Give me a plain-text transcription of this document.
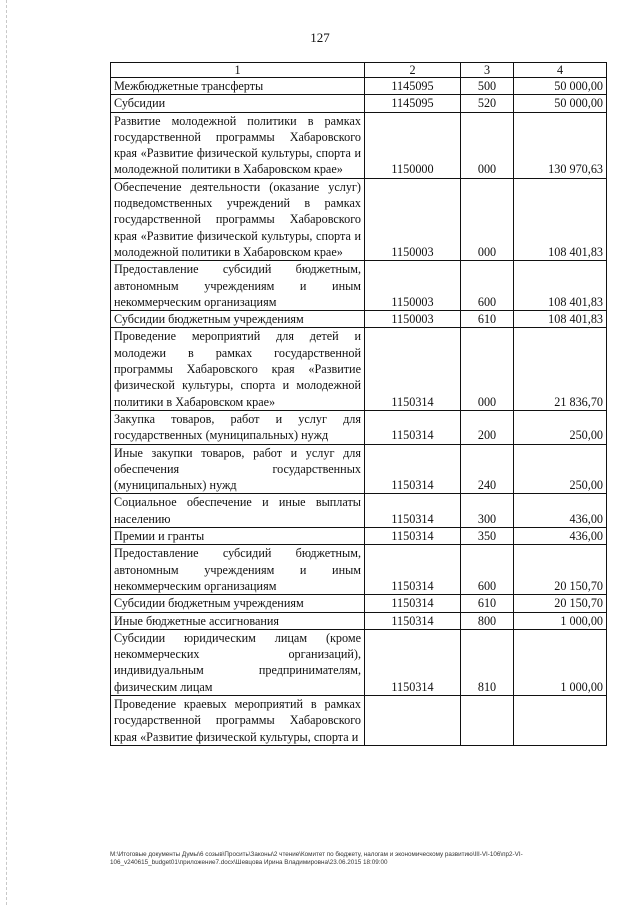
127
1	2	3	4
Межбюджетные трансферты	1145095	500	50 000,00
Субсидии	1145095	520	50 000,00
Развитие молодежной политики в рамках государственной программы Хабаровского края «Развитие физической культуры, спорта и молодежной политики в Хабаровском крае»	1150000	000	130 970,63
Обеспечение деятельности (оказание услуг) подведомственных учреждений в рамках государственной программы Хабаровского края «Развитие физической культуры, спорта и молодежной политики в Хабаровском крае»	1150003	000	108 401,83
Предоставление субсидий бюджетным, автономным учреждениям и иным некоммерческим организациям	1150003	600	108 401,83
Субсидии бюджетным учреждениям	1150003	610	108 401,83
Проведение мероприятий для детей и молодежи в рамках государственной программы Хабаровского края «Развитие физической культуры, спорта и молодежной политики в Хабаровском крае»	1150314	000	21 836,70
Закупка товаров, работ и услуг для государственных (муниципальных) нужд	1150314	200	250,00
Иные закупки товаров, работ и услуг для обеспечения государственных (муниципальных) нужд	1150314	240	250,00
Социальное обеспечение и иные выплаты населению	1150314	300	436,00
Премии и гранты	1150314	350	436,00
Предоставление субсидий бюджетным, автономным учреждениям и иным некоммерческим организациям	1150314	600	20 150,70
Субсидии бюджетным учреждениям	1150314	610	20 150,70
Иные бюджетные ассигнования	1150314	800	1 000,00
Субсидии юридическим лицам (кроме некоммерческих организаций), индивидуальным предпринимателям, физическим лицам	1150314	810	1 000,00
Проведение краевых мероприятий в рамках государственной программы Хабаровского края «Развитие физической культуры, спорта и			
M:\Итоговые документы Думы\6 созыв\Просить\Законы\2 чтение\Комитет по бюджету, налогам и экономическому развитию\III-VI-106\пр2-VI-106_v240615_budget01\приложение7.docx\Шевцова Ирина Владимировна\23.06.2015 18:09:00
